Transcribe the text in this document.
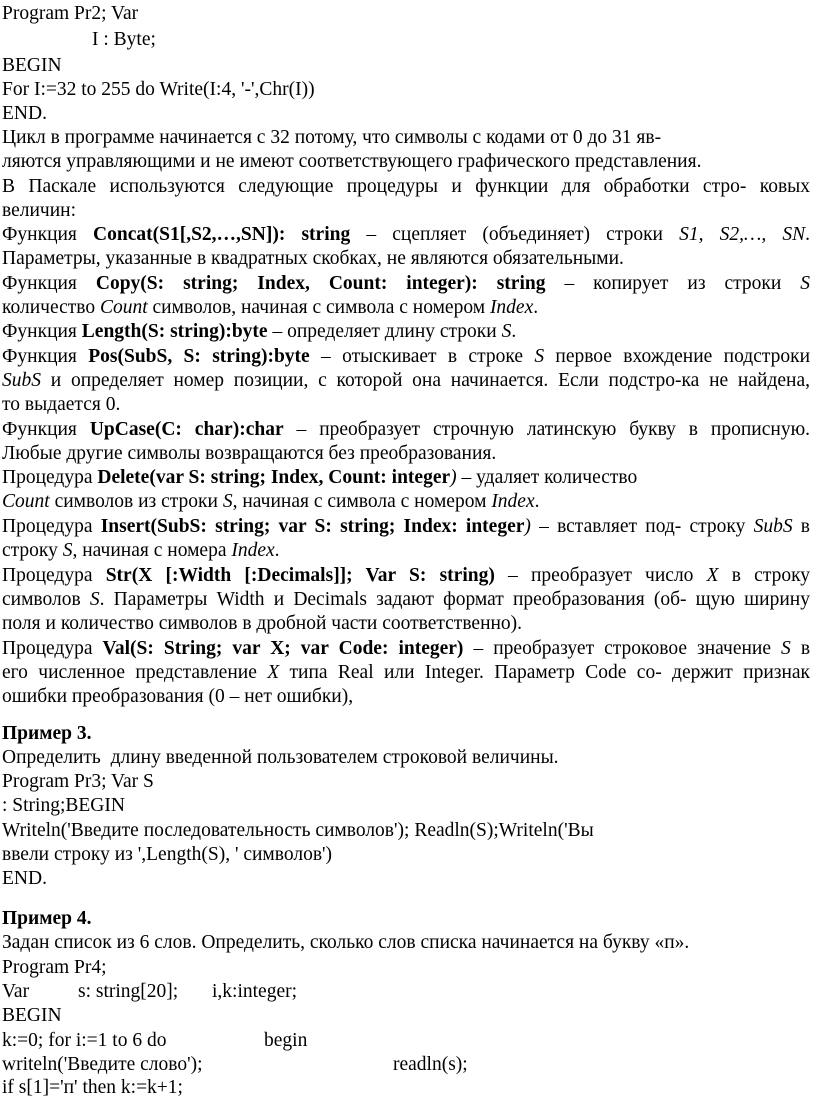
Program Pr2; Var
I : Byte;
BEGIN
For I:=32 to 255 do Write(I:4, '-',Chr(I))
END.
Цикл в программе начинается с 32 потому, что символы с кодами от 0 до 31 яв-
ляются управляющими и не имеют соответствующего графического представления.
В Паскале используются следующие процедуры и функции для обработки стро- ковых
величин:
Функция Concat(S1[,S2,…,SN]): string – сцепляет (объединяет) строки S1, S2,…, SN.
Параметры, указанные в квадратных скобках, не являются обязательными.
Функция Copy(S: string; Index, Count: integer): string – копирует из строки S
количество Count символов, начиная с символа с номером Index.
Функция Length(S: string):byte – определяет длину строки S.
Функция Pos(SubS, S: string):byte – отыскивает в строке S первое вхождение подстроки
SubS и определяет номер позиции, с которой она начинается. Если подстро-ка не найдена,
то выдается 0.
Функция UpCase(C: char):char – преобразует строчную латинскую букву в прописную.
Любые другие символы возвращаются без преобразования.
Процедура Delete(var S: string; Index, Count: integer) – удаляет количество
Count символов из строки S, начиная с символа с номером Index.
Процедура Insert(SubS: string; var S: string; Index: integer) – вставляет под- строку SubS в
строку S, начиная с номера Index.
Процедура Str(X [:Width [:Decimals]]; Var S: string) – преобразует число X в строку
символов S. Параметры Width и Decimals задают формат преобразования (об- щую ширину
поля и количество символов в дробной части соответственно).
Процедура Val(S: String; var X; var Code: integer) – преобразует строковое значение S в
его численное представление X типа Real или Integer. Параметр Code со- держит признак
ошибки преобразования (0 – нет ошибки),
Пример 3.
Определить  длину введенной пользователем строковой величины.
Program Pr3; Var S
: String;BEGIN
Writeln('Введите последовательность символов'); Readln(S);Writeln('Вы
ввели строку из ',Length(S), ' символов')
END.
Пример 4.
Задан список из 6 слов. Определить, сколько слов списка начинается на букву «п».
Program Pr4;
Var	s: string[20]; i,k:integer;
BEGIN
k:=0; for i:=1 to 6 do	begin
writeln('Введите слово');	readln(s);
if s[1]='п' then k:=k+1;
